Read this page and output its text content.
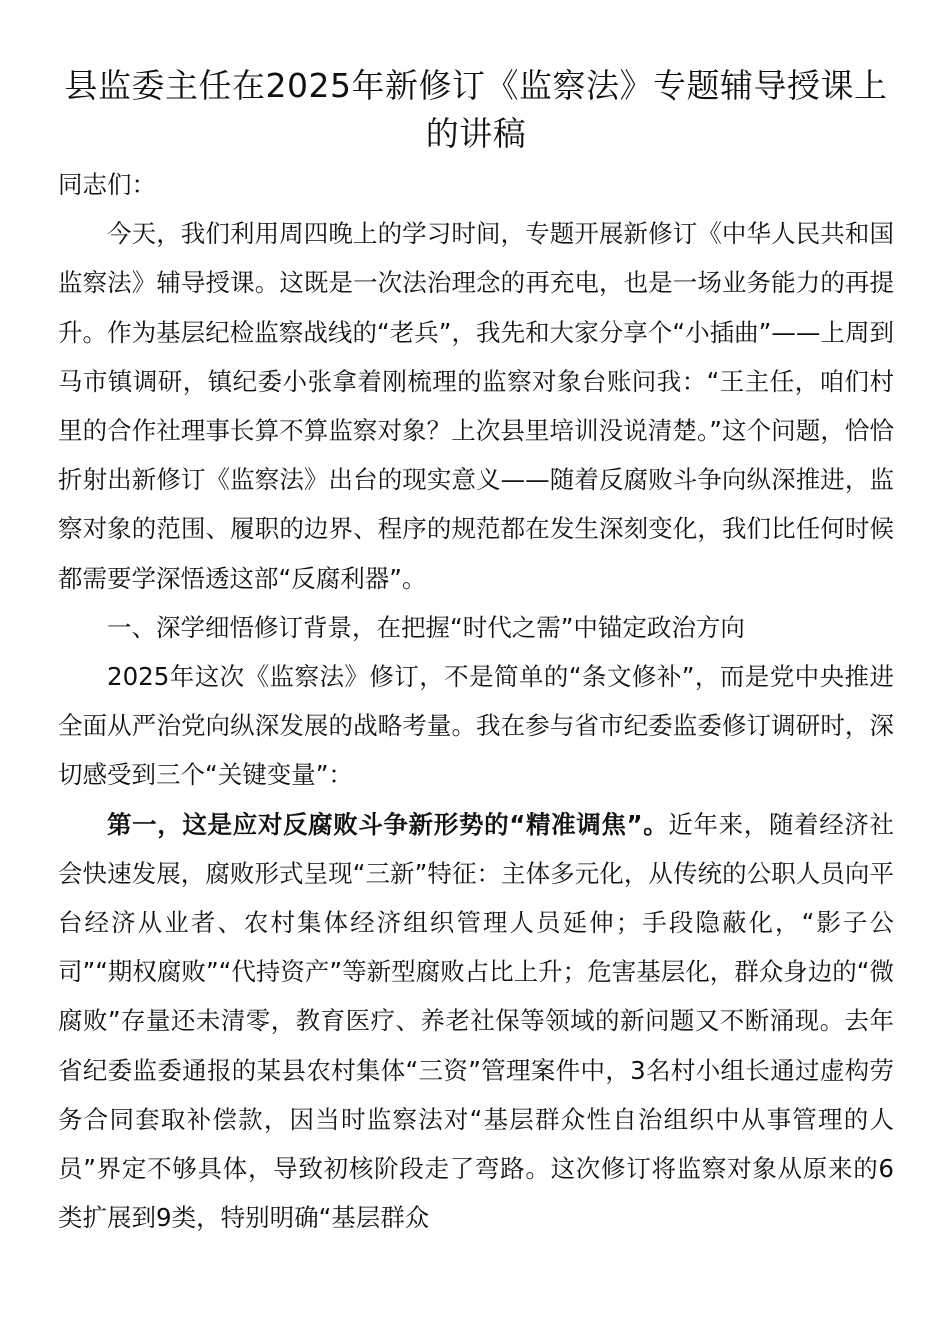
县监委主任在2025年新修订《监察法》专题辅导授课上的讲稿

同志们：

今天，我们利用周四晚上的学习时间，专题开展新修订《中华人民共和国监察法》辅导授课。这既是一次法治理念的再充电，也是一场业务能力的再提升。作为基层纪检监察战线的“老兵”，我先和大家分享个“小插曲”——上周到马市镇调研，镇纪委小张拿着刚梳理的监察对象台账问我：“王主任，咱们村里的合作社理事长算不算监察对象？上次县里培训没说清楚。”这个问题，恰恰折射出新修订《监察法》出台的现实意义——随着反腐败斗争向纵深推进，监察对象的范围、履职的边界、程序的规范都在发生深刻变化，我们比任何时候都需要学深悟透这部“反腐利器”。

一、深学细悟修订背景，在把握“时代之需”中锚定政治方向

2025年这次《监察法》修订，不是简单的“条文修补”，而是党中央推进全面从严治党向纵深发展的战略考量。我在参与省市纪委监委修订调研时，深切感受到三个“关键变量”：

第一，这是应对反腐败斗争新形势的“精准调焦”。近年来，随着经济社会快速发展，腐败形式呈现“三新”特征：主体多元化，从传统的公职人员向平台经济从业者、农村集体经济组织管理人员延伸；手段隐蔽化，“影子公司”“期权腐败”“代持资产”等新型腐败占比上升；危害基层化，群众身边的“微腐败”存量还未清零，教育医疗、养老社保等领域的新问题又不断涌现。去年省纪委监委通报的某县农村集体“三资”管理案件中，3名村小组长通过虚构劳务合同套取补偿款，因当时监察法对“基层群众性自治组织中从事管理的人员”界定不够具体，导致初核阶段走了弯路。这次修订将监察对象从原来的6类扩展到9类，特别明确“基层群众
